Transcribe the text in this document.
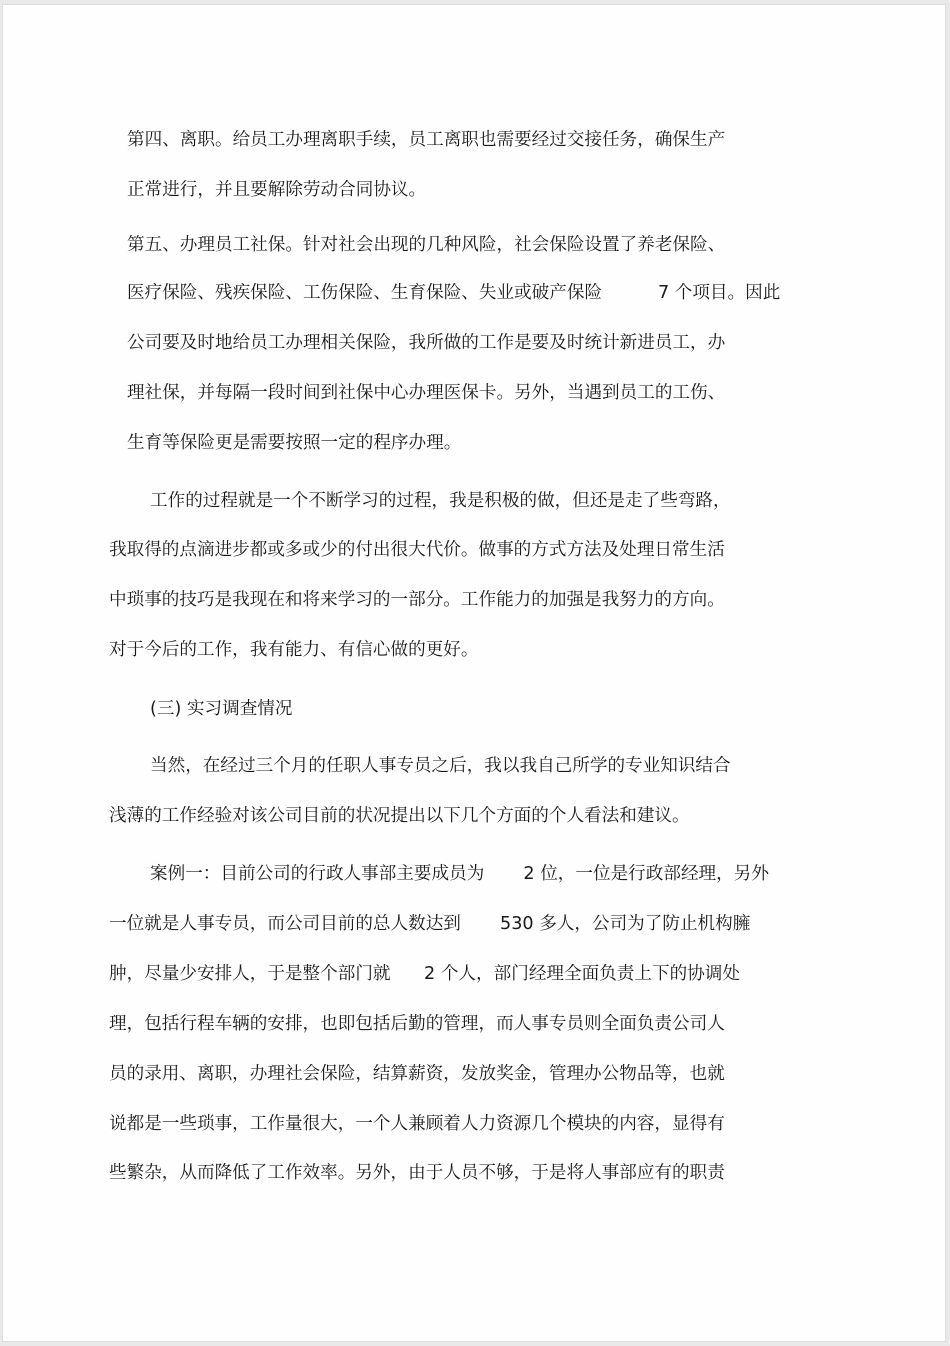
第四、离职。给员工办理离职手续，员工离职也需要经过交接任务，确保生产
正常进行，并且要解除劳动合同协议。
第五、办理员工社保。针对社会出现的几种风险，社会保险设置了养老保险、
医疗保险、残疾保险、工伤保险、生育保险、失业或破产保险          7 个项目。因此
公司要及时地给员工办理相关保险，我所做的工作是要及时统计新进员工，办
理社保，并每隔一段时间到社保中心办理医保卡。另外，当遇到员工的工伤、
生育等保险更是需要按照一定的程序办理。
工作的过程就是一个不断学习的过程，我是积极的做，但还是走了些弯路，
我取得的点滴进步都或多或少的付出很大代价。做事的方式方法及处理日常生活
中琐事的技巧是我现在和将来学习的一部分。工作能力的加强是我努力的方向。
对于今后的工作，我有能力、有信心做的更好。
(三) 实习调查情况
当然，在经过三个月的任职人事专员之后，我以我自己所学的专业知识结合
浅薄的工作经验对该公司目前的状况提出以下几个方面的个人看法和建议。
案例一：目前公司的行政人事部主要成员为       2 位，一位是行政部经理，另外
一位就是人事专员，而公司目前的总人数达到       530 多人，公司为了防止机构臃
肿，尽量少安排人，于是整个部门就      2 个人，部门经理全面负责上下的协调处
理，包括行程车辆的安排，也即包括后勤的管理，而人事专员则全面负责公司人
员的录用、离职，办理社会保险，结算薪资，发放奖金，管理办公物品等，也就
说都是一些琐事，工作量很大，一个人兼顾着人力资源几个模块的内容，显得有
些繁杂，从而降低了工作效率。另外，由于人员不够，于是将人事部应有的职责
